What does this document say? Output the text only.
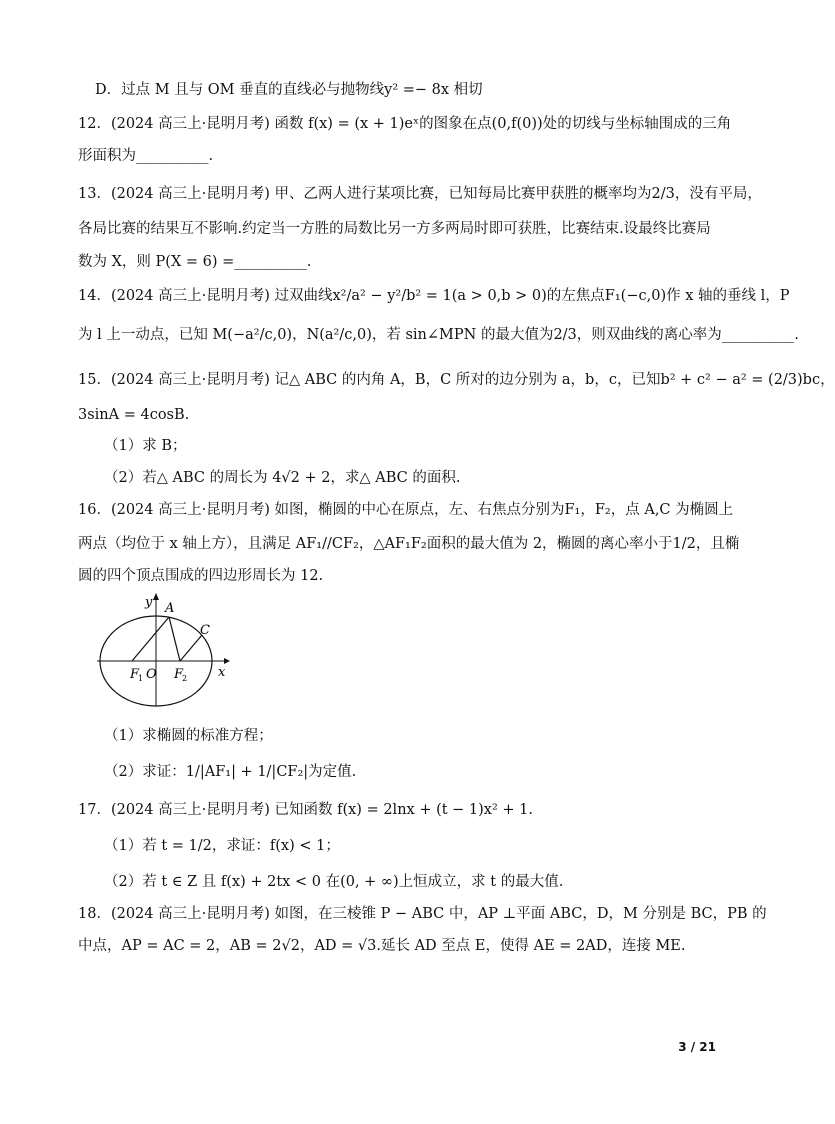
D．过点 M 且与 OM 垂直的直线必与抛物线y² =− 8x 相切
12．(2024 高三上·昆明月考) 函数 f(x) = (x + 1)eˣ的图象在点(0,f(0))处的切线与坐标轴围成的三角
形面积为__________.
13．(2024 高三上·昆明月考) 甲、乙两人进行某项比赛，已知每局比赛甲获胜的概率均为2/3，没有平局，
各局比赛的结果互不影响.约定当一方胜的局数比另一方多两局时即可获胜，比赛结束.设最终比赛局
数为 X，则 P(X = 6) =__________.
14．(2024 高三上·昆明月考) 过双曲线x²/a² − y²/b² = 1(a > 0,b > 0)的左焦点F₁(−c,0)作 x 轴的垂线 l，P
为 l 上一动点，已知 M(−a²/c,0)，N(a²/c,0)，若 sin∠MPN 的最大值为2/3，则双曲线的离心率为__________.
15．(2024 高三上·昆明月考) 记△ ABC 的内角 A，B，C 所对的边分别为 a，b，c，已知b² + c² − a² = (2/3)bc，
3sinA = 4cosB.
（1）求 B；
（2）若△ ABC 的周长为 4√2 + 2，求△ ABC 的面积.
16．(2024 高三上·昆明月考) 如图，椭圆的中心在原点，左、右焦点分别为F₁，F₂，点 A,C 为椭圆上
两点（均位于 x 轴上方），且满足 AF₁//CF₂，△AF₁F₂面积的最大值为 2，椭圆的离心率小于1/2，且椭
圆的四个顶点围成的四边形周长为 12.
y A
C
F
1 O F
2 x
（1）求椭圆的标准方程；
（2）求证：1/|AF₁| + 1/|CF₂|为定值.
17．(2024 高三上·昆明月考) 已知函数 f(x) = 2lnx + (t − 1)x² + 1.
（1）若 t = 1/2，求证：f(x) < 1；
（2）若 t ∈ Z 且 f(x) + 2tx < 0 在(0, + ∞)上恒成立，求 t 的最大值.
18．(2024 高三上·昆明月考) 如图，在三棱锥 P − ABC 中，AP ⊥平面 ABC，D，M 分别是 BC，PB 的
中点，AP = AC = 2，AB = 2√2，AD = √3.延长 AD 至点 E，使得 AE = 2AD，连接 ME.
3 / 21
